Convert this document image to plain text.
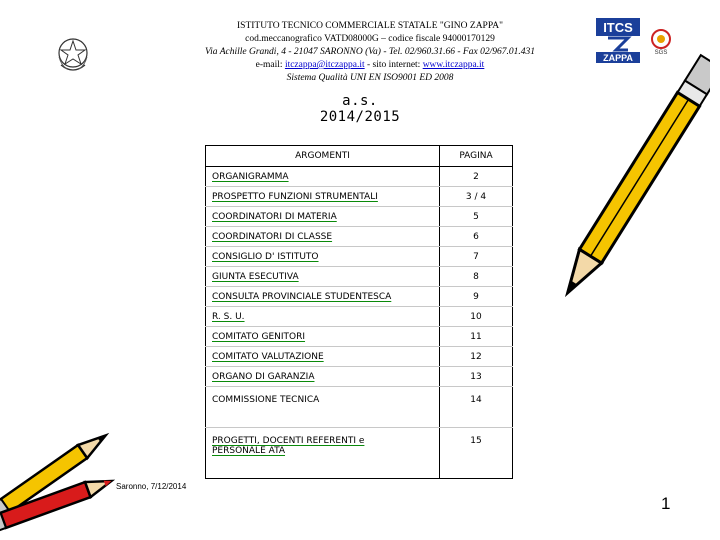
ISTITUTO TECNICO COMMERCIALE STATALE "GINO ZAPPA"
cod.meccanografico VATD08000G – codice fiscale 94000170129
Via Achille Grandi, 4 - 21047 SARONNO (Va) - Tel. 02/960.31.66 - Fax 02/967.01.431
e-mail: itczappa@itczappa.it - sito internet: www.itczappa.it
Sistema Qualità UNI EN ISO9001 ED 2008
ITCS
ZAPPA	SGS
a.s. 2014/2015
ARGOMENTI	PAGINA
ORGANIGRAMMA	2
PROSPETTO FUNZIONI STRUMENTALI	3 / 4
COORDINATORI DI MATERIA	5
COORDINATORI DI CLASSE	6
CONSIGLIO D' ISTITUTO	7
GIUNTA ESECUTIVA	8
CONSULTA PROVINCIALE STUDENTESCA	9
R. S. U.	10
COMITATO GENITORI	11
COMITATO VALUTAZIONE	12
ORGANO DI GARANZIA	13
COMMISSIONE TECNICA	14
PROGETTI, DOCENTI REFERENTI e
PERSONALE ATA	15
Saronno, 7/12/2014
1
